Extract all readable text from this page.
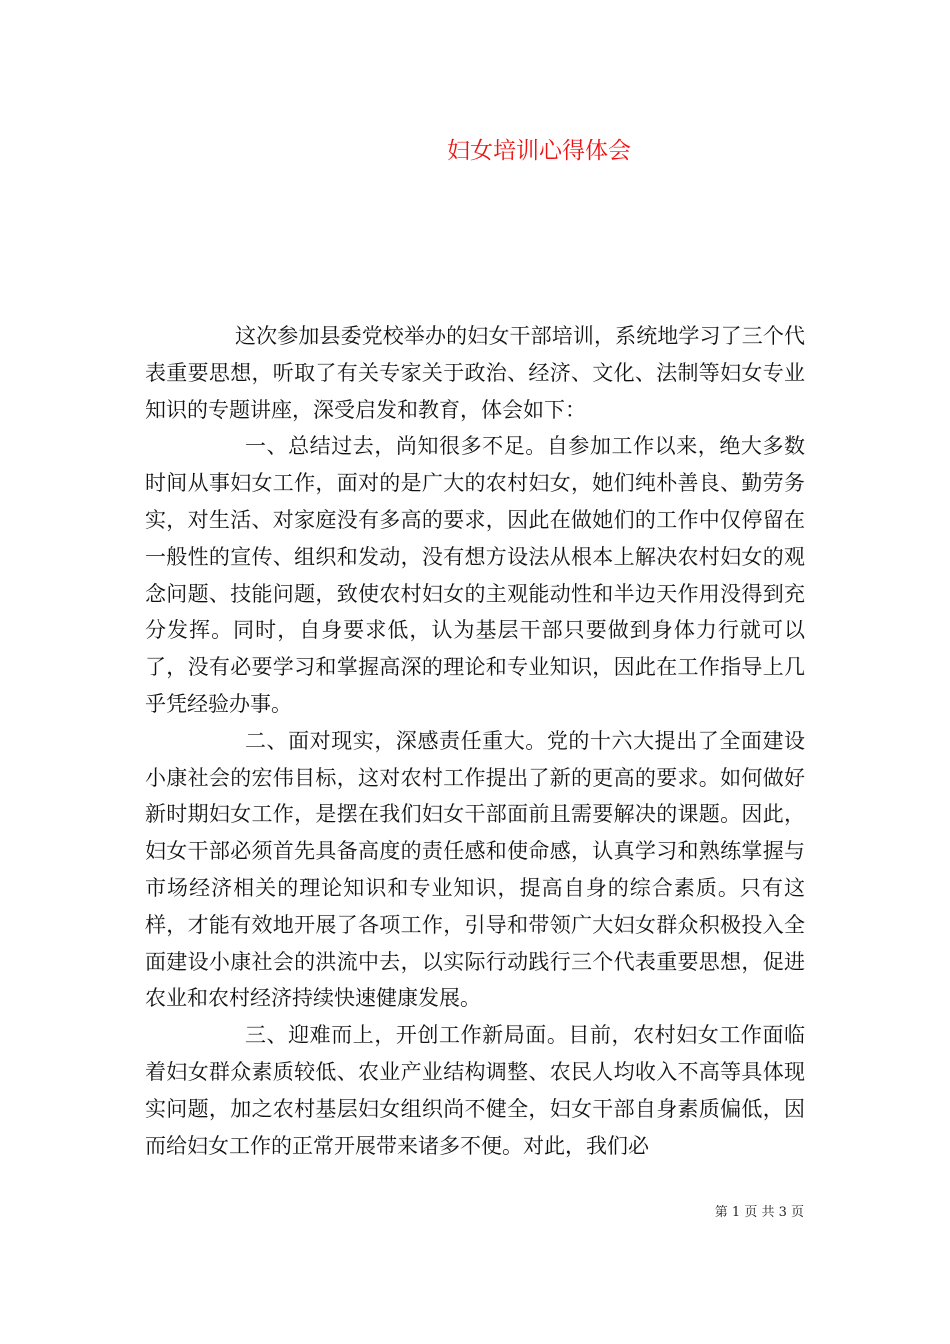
妇女培训心得体会

这次参加县委党校举办的妇女干部培训，系统地学习了三个代表重要思想，听取了有关专家关于政治、经济、文化、法制等妇女专业知识的专题讲座，深受启发和教育，体会如下：

一、总结过去，尚知很多不足。自参加工作以来，绝大多数时间从事妇女工作，面对的是广大的农村妇女，她们纯朴善良、勤劳务实，对生活、对家庭没有多高的要求，因此在做她们的工作中仅停留在一般性的宣传、组织和发动，没有想方设法从根本上解决农村妇女的观念问题、技能问题，致使农村妇女的主观能动性和半边天作用没得到充分发挥。同时，自身要求低，认为基层干部只要做到身体力行就可以了，没有必要学习和掌握高深的理论和专业知识，因此在工作指导上几乎凭经验办事。

二、面对现实，深感责任重大。党的十六大提出了全面建设小康社会的宏伟目标，这对农村工作提出了新的更高的要求。如何做好新时期妇女工作，是摆在我们妇女干部面前且需要解决的课题。因此，妇女干部必须首先具备高度的责任感和使命感，认真学习和熟练掌握与市场经济相关的理论知识和专业知识，提高自身的综合素质。只有这样，才能有效地开展了各项工作，引导和带领广大妇女群众积极投入全面建设小康社会的洪流中去，以实际行动践行三个代表重要思想，促进农业和农村经济持续快速健康发展。

三、迎难而上，开创工作新局面。目前，农村妇女工作面临着妇女群众素质较低、农业产业结构调整、农民人均收入不高等具体现实问题，加之农村基层妇女组织尚不健全，妇女干部自身素质偏低，因而给妇女工作的正常开展带来诸多不便。对此，我们必

第 1 页 共 3 页
